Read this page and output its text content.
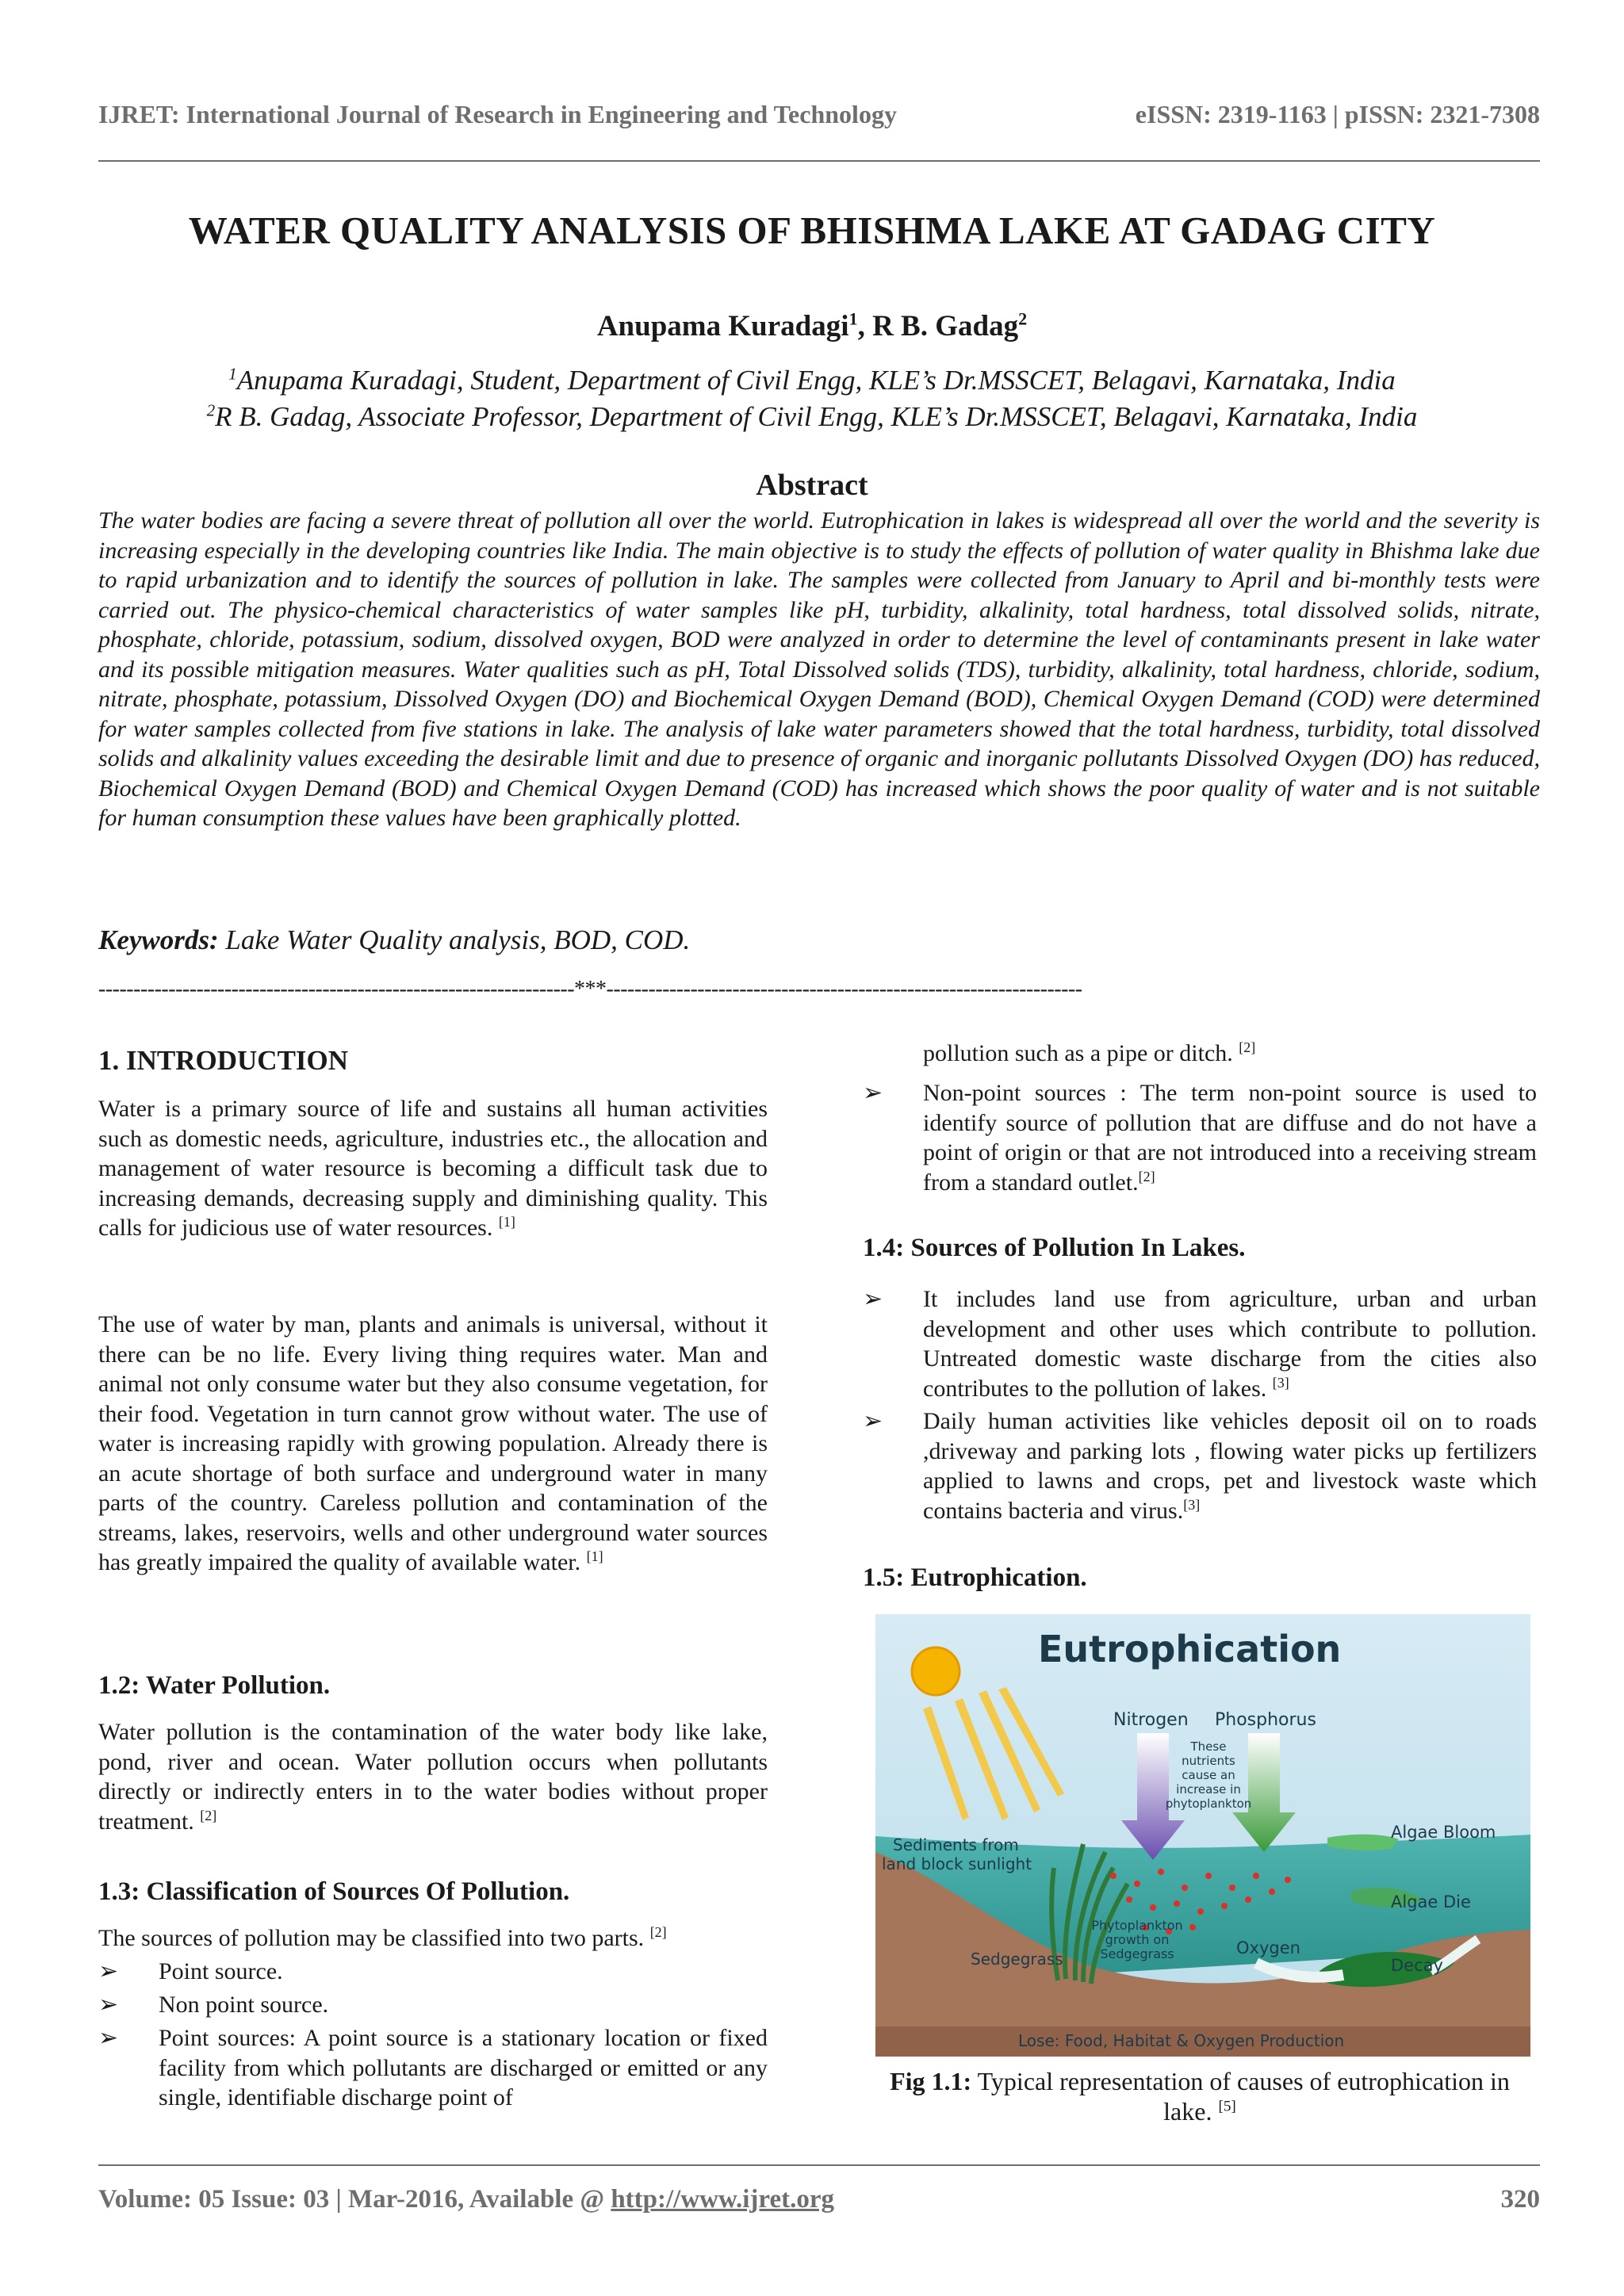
IJRET: International Journal of Research in Engineering and Technology	eISSN: 2319-1163 | pISSN: 2321-7308
WATER QUALITY ANALYSIS OF BHISHMA LAKE AT GADAG CITY
Anupama Kuradagi$^1$, R B. Gadag$^2$
$^1$Anupama Kuradagi, Student, Department of Civil Engg, KLE’s Dr.MSSCET, Belagavi, Karnataka, India
$^2$R B. Gadag, Associate Professor, Department of Civil Engg, KLE’s Dr.MSSCET, Belagavi, Karnataka, India
Abstract
The water bodies are facing a severe threat of pollution all over the world. Eutrophication in lakes is widespread all over the world and the severity is increasing especially in the developing countries like India. The main objective is to study the effects of pollution of water quality in Bhishma lake due to rapid urbanization and to identify the sources of pollution in lake. The samples were collected from January to April and bi-monthly tests were carried out. The physico-chemical characteristics of water samples like pH, turbidity, alkalinity, total hardness, total dissolved solids, nitrate, phosphate, chloride, potassium, sodium, dissolved oxygen, BOD were analyzed in order to determine the level of contaminants present in lake water and its possible mitigation measures. Water qualities such as pH, Total Dissolved solids (TDS), turbidity, alkalinity, total hardness, chloride, sodium, nitrate, phosphate, potassium, Dissolved Oxygen (DO) and Biochemical Oxygen Demand (BOD), Chemical Oxygen Demand (COD) were determined for water samples collected from five stations in lake. The analysis of lake water parameters showed that the total hardness, turbidity, total dissolved solids and alkalinity values exceeding the desirable limit and due to presence of organic and inorganic pollutants Dissolved Oxygen (DO) has reduced, Biochemical Oxygen Demand (BOD) and Chemical Oxygen Demand (COD) has increased which shows the poor quality of water and is not suitable for human consumption these values have been graphically plotted.
Keywords: Lake Water Quality analysis, BOD, COD.
--------------------------------------------------------------------***--------------------------------------------------------------------
1. INTRODUCTION
Water is a primary source of life and sustains all human activities such as domestic needs, agriculture, industries etc., the allocation and management of water resource is becoming a difficult task due to increasing demands, decreasing supply and diminishing quality. This calls for judicious use of water resources. [1]
The use of water by man, plants and animals is universal, without it there can be no life. Every living thing requires water. Man and animal not only consume water but they also consume vegetation, for their food. Vegetation in turn cannot grow without water. The use of water is increasing rapidly with growing population. Already there is an acute shortage of both surface and underground water in many parts of the country. Careless pollution and contamination of the streams, lakes, reservoirs, wells and other underground water sources has greatly impaired the quality of available water. [1]
1.2: Water Pollution.
Water pollution is the contamination of the water body like lake, pond, river and ocean. Water pollution occurs when pollutants directly or indirectly enters in to the water bodies without proper treatment. [2]
1.3: Classification of Sources Of Pollution.
The sources of pollution may be classified into two parts. [2]
➢ Point source.
➢ Non point source.
➢ Point sources: A point source is a stationary location or fixed facility from which pollutants are discharged or emitted or any single, identifiable discharge point of
pollution such as a pipe or ditch. [2]
➢ Non-point sources : The term non-point source is used to identify source of pollution that are diffuse and do not have a point of origin or that are not introduced into a receiving stream from a standard outlet.[2]
1.4: Sources of Pollution In Lakes.
➢ It includes land use from agriculture, urban and urban development and other uses which contribute to pollution. Untreated domestic waste discharge from the cities also contributes to the pollution of lakes. [3]
➢ Daily human activities like vehicles deposit oil on to roads ,driveway and parking lots , flowing water picks up fertilizers applied to lawns and crops, pet and livestock waste which contains bacteria and virus.[3]
1.5: Eutrophication.
Eutrophication
Nitrogen Phosphorus
These
nutrients
cause an
increase in
phytoplankton
Sediments from
land block sunlight
Algae Bloom
Algae Die
Phytoplankton
growth on
Sedgegrass
Sedgegrass
Oxygen
Decay
Lose: Food, Habitat & Oxygen Production
Fig 1.1: Typical representation of causes of eutrophication in lake. [5]
Volume: 05 Issue: 03 | Mar-2016, Available @ http://www.ijret.org	320
